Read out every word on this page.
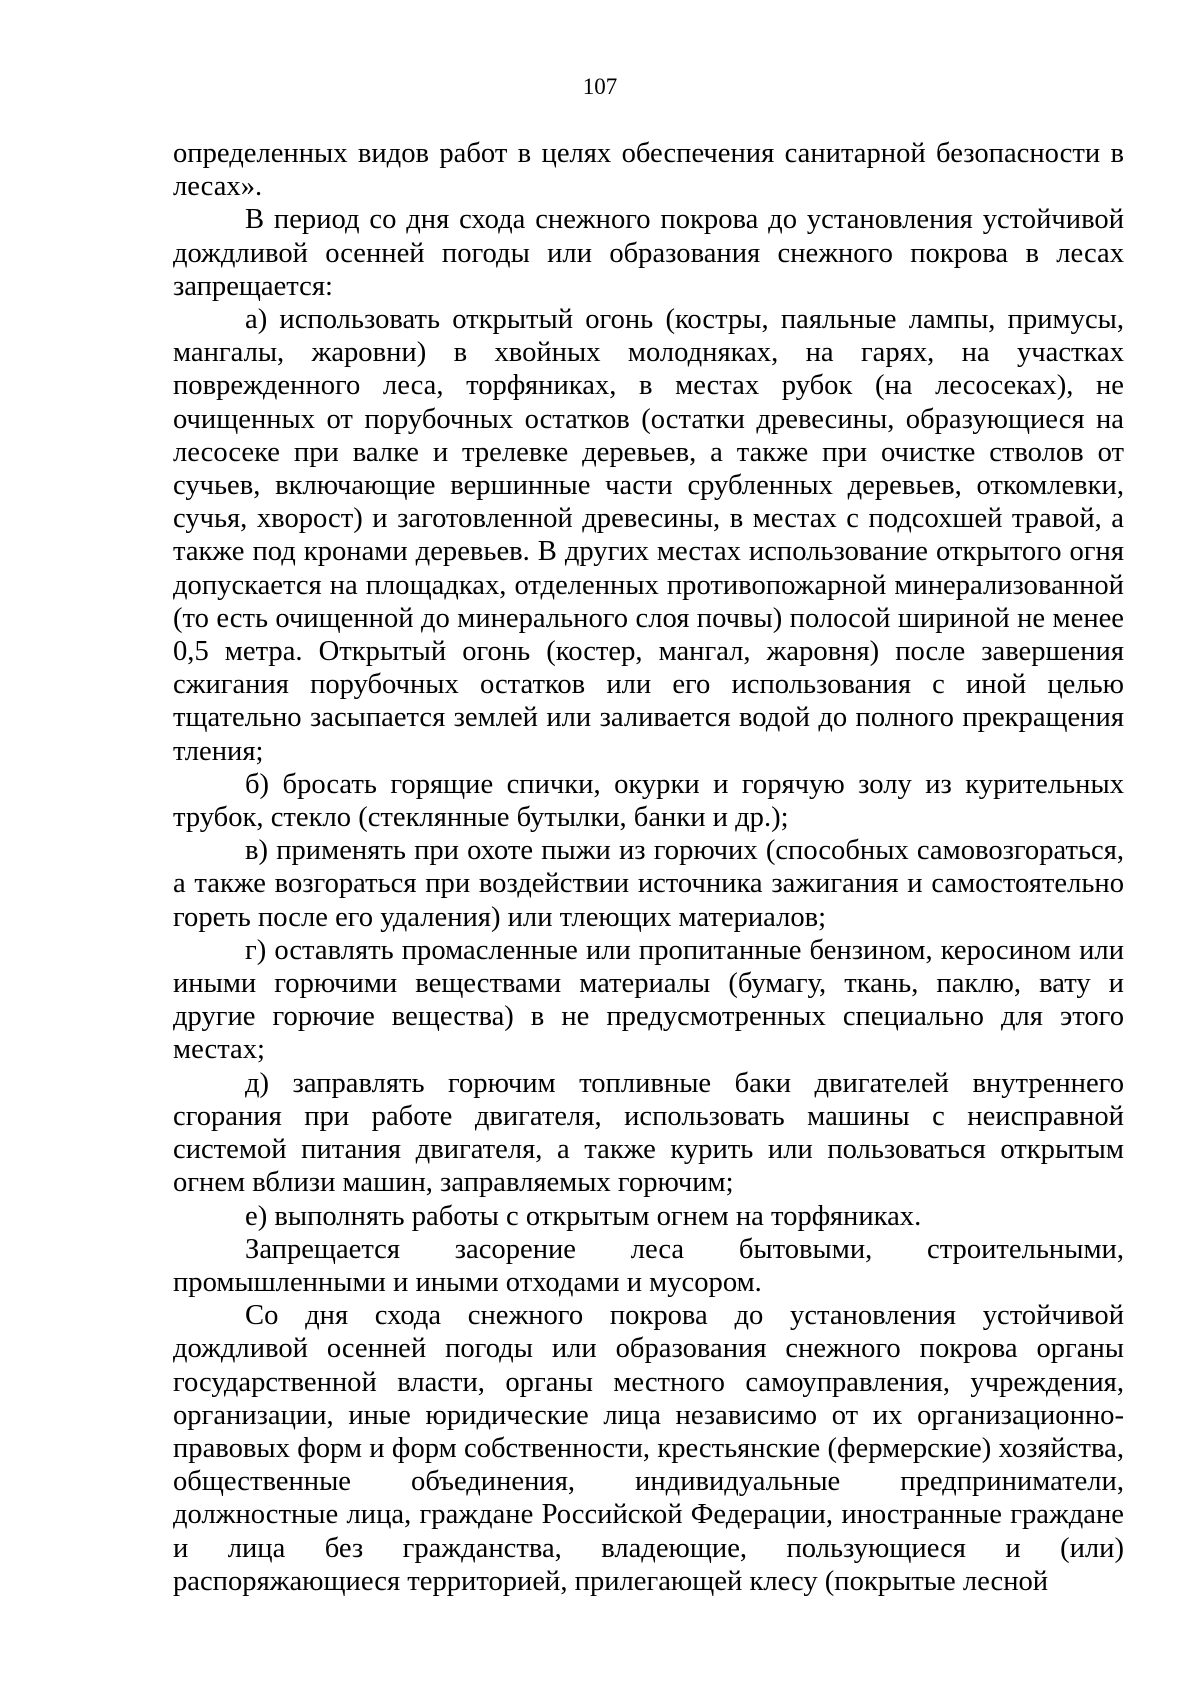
107

определенных видов работ в целях обеспечения санитарной безопасности в лесах».

В период со дня схода снежного покрова до установления устойчивой дождливой осенней погоды или образования снежного покрова в лесах запрещается:

а) использовать открытый огонь (костры, паяльные лампы, примусы, мангалы, жаровни) в хвойных молодняках, на гарях, на участках поврежденного леса, торфяниках, в местах рубок (на лесосеках), не очищенных от порубочных остатков (остатки древесины, образующиеся на лесосеке при валке и трелевке деревьев, а также при очистке стволов от сучьев, включающие вершинные части срубленных деревьев, откомлевки, сучья, хворост) и заготовленной древесины, в местах с подсохшей травой, а также под кронами деревьев. В других местах использование открытого огня допускается на площадках, отделенных противопожарной минерализованной (то есть очищенной до минерального слоя почвы) полосой шириной не менее 0,5 метра. Открытый огонь (костер, мангал, жаровня) после завершения сжигания порубочных остатков или его использования с иной целью тщательно засыпается землей или заливается водой до полного прекращения тления;

б) бросать горящие спички, окурки и горячую золу из курительных трубок, стекло (стеклянные бутылки, банки и др.);

в) применять при охоте пыжи из горючих (способных самовозгораться, а также возгораться при воздействии источника зажигания и самостоятельно гореть после его удаления) или тлеющих материалов;

г) оставлять промасленные или пропитанные бензином, керосином или иными горючими веществами материалы (бумагу, ткань, паклю, вату и другие горючие вещества) в не предусмотренных специально для этого местах;

д) заправлять горючим топливные баки двигателей внутреннего сгорания при работе двигателя, использовать машины с неисправной системой питания двигателя, а также курить или пользоваться открытым огнем вблизи машин, заправляемых горючим;

е) выполнять работы с открытым огнем на торфяниках.

Запрещается засорение леса бытовыми, строительными, промышленными и иными отходами и мусором.

Со дня схода снежного покрова до установления устойчивой дождливой осенней погоды или образования снежного покрова органы государственной власти, органы местного самоуправления, учреждения, организации, иные юридические лица независимо от их организационно-правовых форм и форм собственности, крестьянские (фермерские) хозяйства, общественные объединения, индивидуальные предприниматели, должностные лица, граждане Российской Федерации, иностранные граждане и лица без гражданства, владеющие, пользующиеся и (или) распоряжающиеся территорией, прилегающей клесу (покрытые лесной
